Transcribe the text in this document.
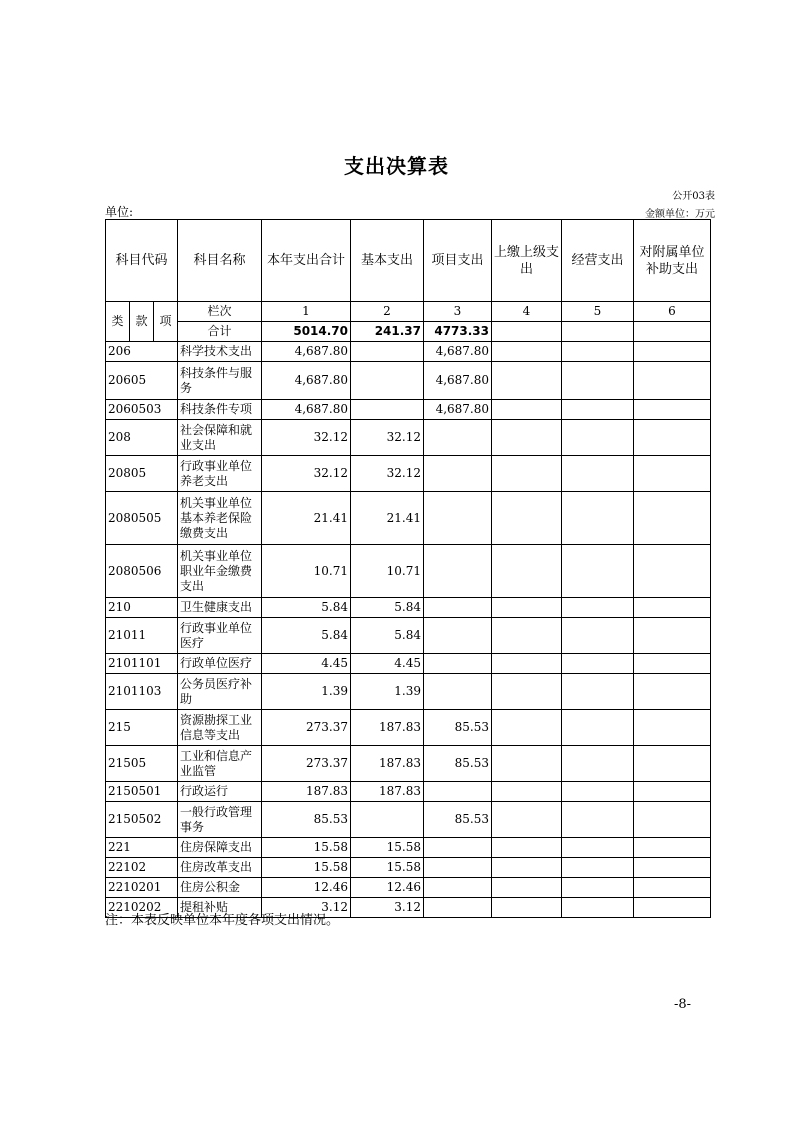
支出决算表
公开03表
单位:	金额单位：万元
科目代码			科目名称	本年支出合计	基本支出	项目支出	上缴上级支出	经营支出	对附属单位补助支出
类	款	项	栏次	1	2	3	4	5	6
			合计	5014.70	241.37	4773.33			
206			科学技术支出	4,687.80		4,687.80			
20605			科技条件与服务	4,687.80		4,687.80			
2060503			科技条件专项	4,687.80		4,687.80			
208			社会保障和就业支出	32.12	32.12				
20805			行政事业单位养老支出	32.12	32.12				
2080505			机关事业单位基本养老保险缴费支出	21.41	21.41				
2080506			机关事业单位职业年金缴费支出	10.71	10.71				
210			卫生健康支出	5.84	5.84				
21011			行政事业单位医疗	5.84	5.84				
2101101			行政单位医疗	4.45	4.45				
2101103			公务员医疗补助	1.39	1.39				
215			资源勘探工业信息等支出	273.37	187.83	85.53			
21505			工业和信息产业监管	273.37	187.83	85.53			
2150501			行政运行	187.83	187.83				
2150502			一般行政管理事务	85.53		85.53			
221			住房保障支出	15.58	15.58				
22102			住房改革支出	15.58	15.58				
2210201			住房公积金	12.46	12.46				
2210202			提租补贴	3.12	3.12				
注：本表反映单位本年度各项支出情况。
-8-
